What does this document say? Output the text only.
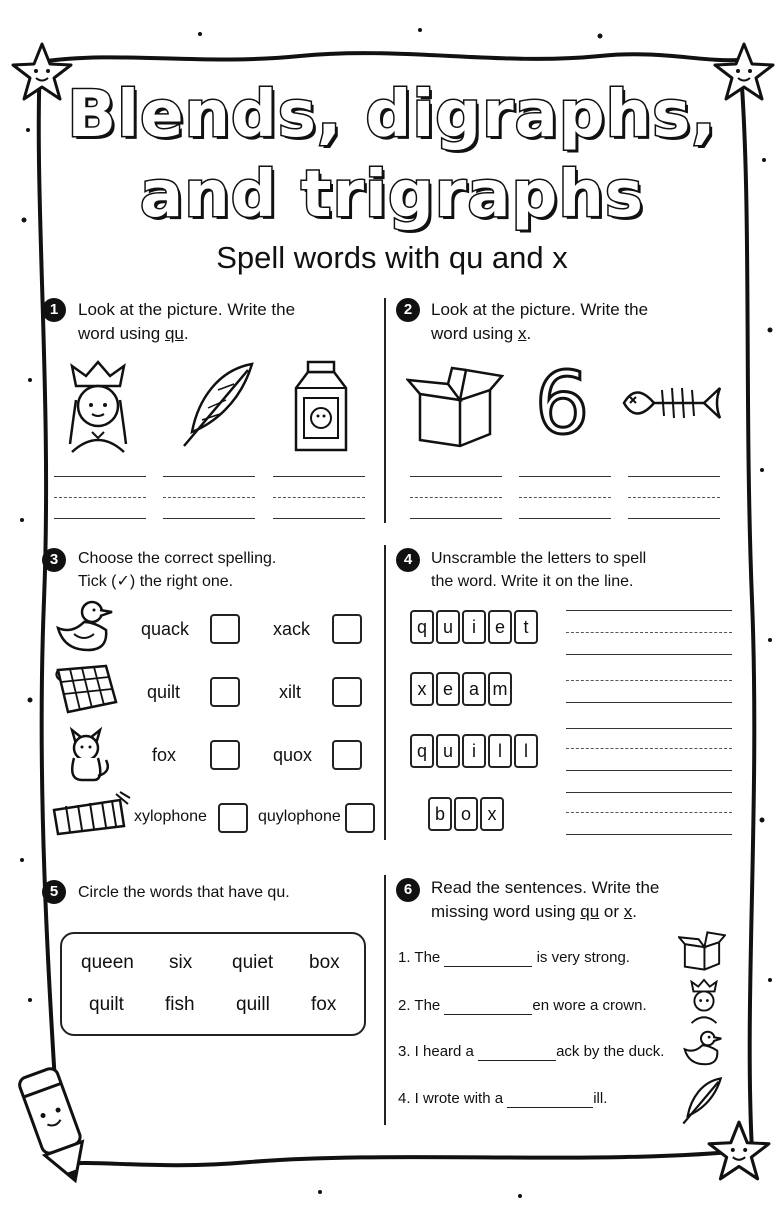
Blends, digraphs,
and trigraphs
Spell words with qu and x
1	Look at the picture. Write the
word using qu.
2	Look at the picture. Write the
word using x.
6
3	Choose the correct spelling.
Tick (✓) the right one.
quack	xack
quilt	xilt
fox	quox
xylophone	quylophone
4	Unscramble the letters to spell
the word. Write it on the line.
q u	i	e	t
x e a m
q u	i	l	l
b o x
5	Circle the words that have qu.
queen six quiet box
quilt fish quill fox
6	Read the sentences. Write the
missing word using qu or x.
1. The	is very strong.
2. The	en wore a crown.
3. I heard a	ack by the duck.
4. I wrote with a	ill.
